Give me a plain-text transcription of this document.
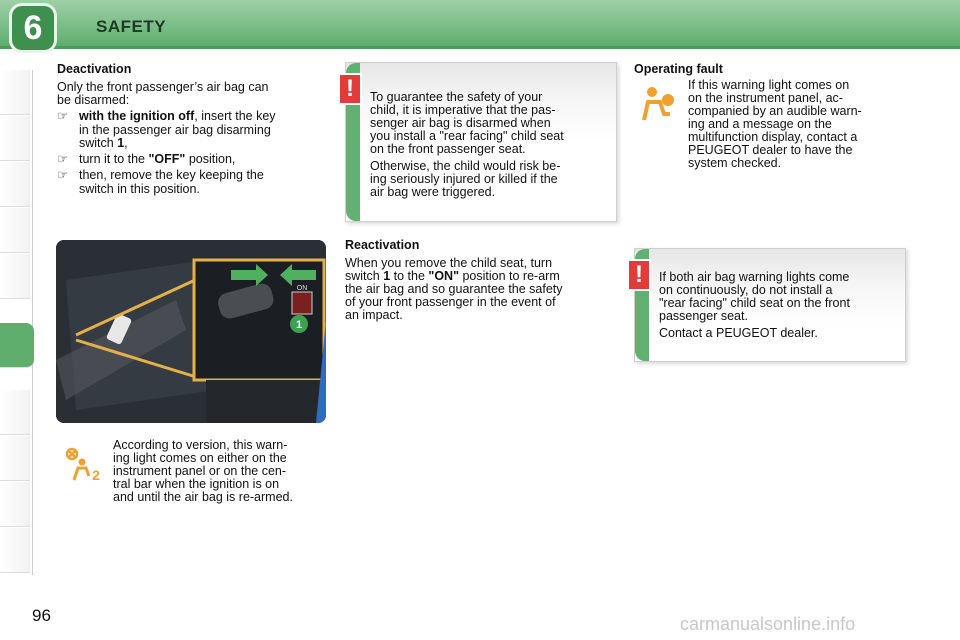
6	SAFETY
Deactivation
Only the front passenger’s air bag can
be disarmed:
☞ with the ignition off, insert the key
in the passenger air bag disarming
switch 1,
☞ turn it to the "OFF" position,
☞ then, remove the key keeping the
switch in this position.
1
ON
2
According to version, this warn-
ing light comes on either on the
instrument panel or on the cen-
tral bar when the ignition is on
and until the air bag is re-armed.
!	To guarantee the safety of your
child, it is imperative that the pas-
senger air bag is disarmed when
you install a "rear facing" child seat
on the front passenger seat.
Otherwise, the child would risk be-
ing seriously injured or killed if the
air bag were triggered.
Reactivation
When you remove the child seat, turn
switch 1 to the "ON" position to re-arm
the air bag and so guarantee the safety
of your front passenger in the event of
an impact.
Operating fault
If this warning light comes on
on the instrument panel, ac-
companied by an audible warn-
ing and a message on the
multifunction display, contact a
PEUGEOT dealer to have the
system checked.
!	If both air bag warning lights come
on continuously, do not install a
"rear facing" child seat on the front
passenger seat.
Contact a PEUGEOT dealer.
96	carmanualsonline.info
